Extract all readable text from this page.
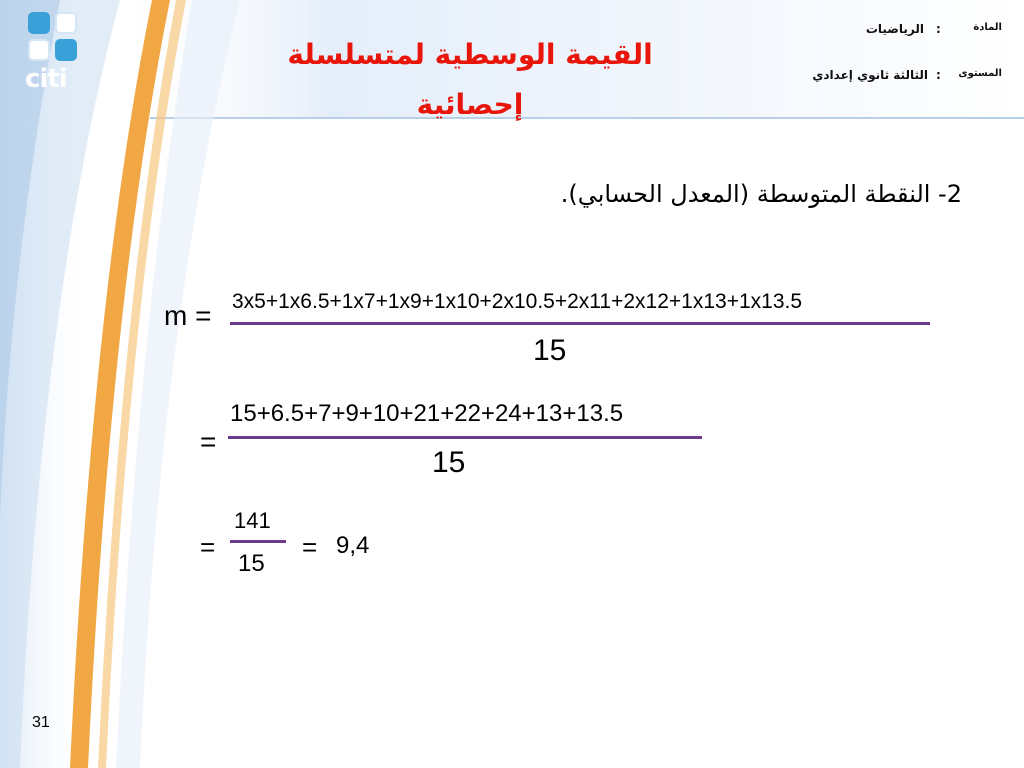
citi
القيمة الوسطية لمتسلسلة
إحصائية
المادة
:
الرياضيات
المستوى
:
الثالثة ثانوي إعدادي
2- النقطة المتوسطة (المعدل الحسابي).
m = 3x5+1x6.5+1x7+1x9+1x10+2x10.5+2x11+2x12+1x13+1x13.5
15
=
15+6.5+7+9+10+21+22+24+13+13.5
15
=
141
15
= 9,4
31
